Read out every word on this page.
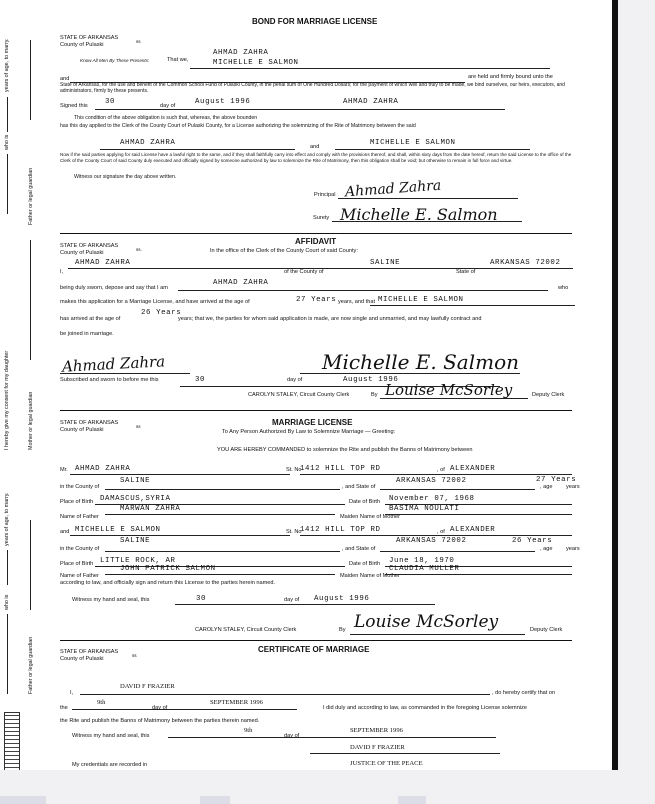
BOND FOR MARRIAGE LICENSE
STATE OF ARKANSAS
County of Pulaski
ss
Know All Men By These Presents:	That we,
AHMAD ZAHRA
MICHELLE E SALMON
and	are held and firmly bound unto the
State of Arkansas, for the use and benefit of the Common School Fund of Pulaski County, in the penal sum of One Hundred Dollars; for the payment of which well and truly to be made, we bind ourselves, our heirs, executors, and administrators, firmly by these presents.
Signed this 30	day of	August 1996	AHMAD ZAHRA
This condition of the above obligation is such that, whereas, the above bounden
has this day applied to the Clerk of the County Court of Pulaski County, for a License authorizing the solemnizing of the Rite of Matrimony between the said
AHMAD ZAHRA	and	MICHELLE E SALMON
Now if the said parties applying for said License have a lawful right to the same, and if they shall faithfully carry into effect and comply with the provisions thereof, and shall, within sixty days from the date hereof, return the said License to the office of the Clerk of the County Court of said County duly executed and officially signed by someone authorized by law to solemnize the Rite of Matrimony, then this obligation shall be void; but otherwise to remain in full force and virtue.
Witness our signature the day above written.
Principal Ahmad Zahra
Surety Michelle E. Salmon
AFFIDAVIT
STATE OF ARKANSAS
County of Pulaski
ss.	In the office of the Clerk of the County Court of said County:
I,
AHMAD ZAHRA	SALINE	ARKANSAS 72002
of the County of	State of
being duly sworn, depose and say that I am
AHMAD ZAHRA
who
makes this application for a Marriage License, and have arrived at the age of	27 Years years, and that MICHELLE E SALMON
has arrived at the age of
26 Years
years; that we, the parties for whom said application is made, are now single and unmarried, and may lawfully contract and
be joined in marriage.
Ahmad Zahra	Michelle E. Salmon
Subscribed and sworn to before me this	30	day of	August 1996
CAROLYN STALEY, Circuit County Clerk	By Louise McSorley	Deputy Clerk
MARRIAGE LICENSE
STATE OF ARKANSAS
County of Pulaski
ss
To Any Person Authorized By Law to Solemnize Marriage — Greeting:
YOU ARE HEREBY COMMANDED to solemnize the Rite and publish the Banns of Matrimony between
Mr. AHMAD ZAHRA	St. No
1412 HILL TOP RD	, of ALEXANDER
in the County of
SALINE
, and State of
ARKANSAS 72002
, age
27 Years
years
Place of Birth DAMASCUS,SYRIA	Date of Birth November 07, 1968
Name of Father
MARWAN ZAHRA
Maiden Name of Mother
BASIMA NOULATI
and MICHELLE E SALMON	St. No
1412 HILL TOP RD	, of ALEXANDER
in the County of
SALINE
, and State of
ARKANSAS 72002
, age
26 Years
years
Place of Birth LITTLE ROCK, AR	Date of Birth June 18, 1970
Name of Father
JOHN PATRICK SALMON
Maiden Name of Mother
CLAUDIA MULLER
according to law, and officially sign and return this License to the parties herein named.
Witness my hand and seal, this	30	day of August 1996
CAROLYN STALEY, Circuit County Clerk	By Louise McSorley	Deputy Clerk
CERTIFICATE OF MARRIAGE
STATE OF ARKANSAS
County of Pulaski
ss
I,
DAVID F FRAZIER
, do hereby certify that on
the
9th
day of
SEPTEMBER 1996
I did duly and according to law, as commanded in the foregoing License solemnize
the Rite and publish the Banns of Matrimony between the parties therein named.
Witness my hand and seal, this
9th
day of
SEPTEMBER 1996
DAVID F FRAZIER
JUSTICE OF THE PEACE
My credentials are recorded in
years of age, to marry.
who is
Father or legal guardian
I hereby give my consent for my daughter	Mother or legal guardian
years of age, to marry.
who is
Father or legal guardian
